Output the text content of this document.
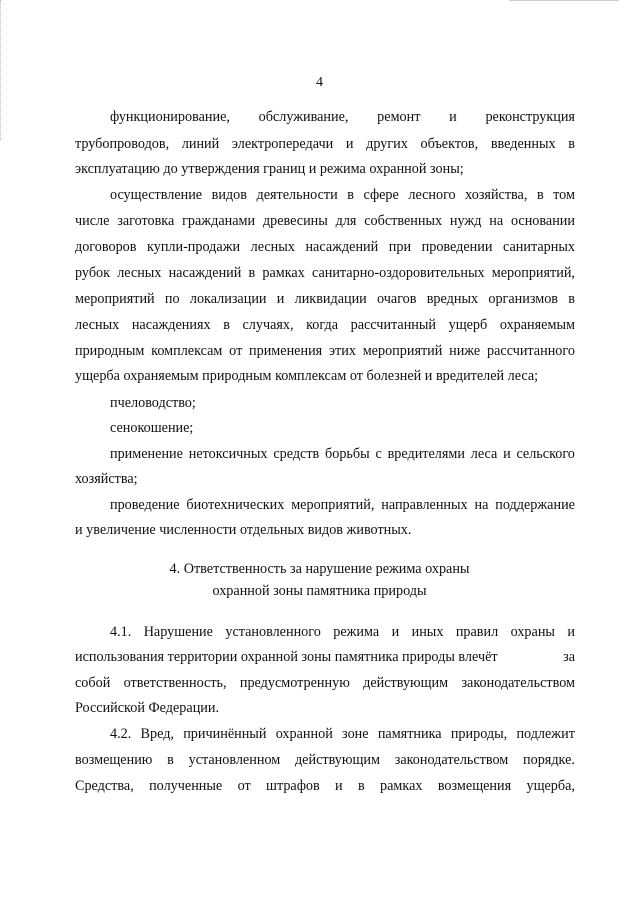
4
функционирование, обслуживание, ремонт и реконструкция
трубопроводов, линий электропередачи и других объектов, введенных в
эксплуатацию до утверждения границ и режима охранной зоны;
осуществление видов деятельности в сфере лесного хозяйства, в том
числе заготовка гражданами древесины для собственных нужд на основании
договоров купли-продажи лесных насаждений при проведении санитарных
рубок лесных насаждений в рамках санитарно-оздоровительных мероприятий,
мероприятий по локализации и ликвидации очагов вредных организмов в
лесных насаждениях в случаях, когда рассчитанный ущерб охраняемым
природным комплексам от применения этих мероприятий ниже рассчитанного
ущерба охраняемым природным комплексам от болезней и вредителей леса;
пчеловодство;
сенокошение;
применение нетоксичных средств борьбы с вредителями леса и сельского
хозяйства;
проведение биотехнических мероприятий, направленных на поддержание
и увеличение численности отдельных видов животных.
4. Ответственность за нарушение режима охраны
охранной зоны памятника природы
4.1. Нарушение установленного режима и иных правил охраны и
использования территории охранной зоны памятника природы влечёт	за
собой ответственность, предусмотренную действующим законодательством
Российской Федерации.
4.2. Вред, причинённый охранной зоне памятника природы, подлежит
возмещению в установленном действующим законодательством порядке.
Средства, полученные от штрафов и в рамках возмещения ущерба,
